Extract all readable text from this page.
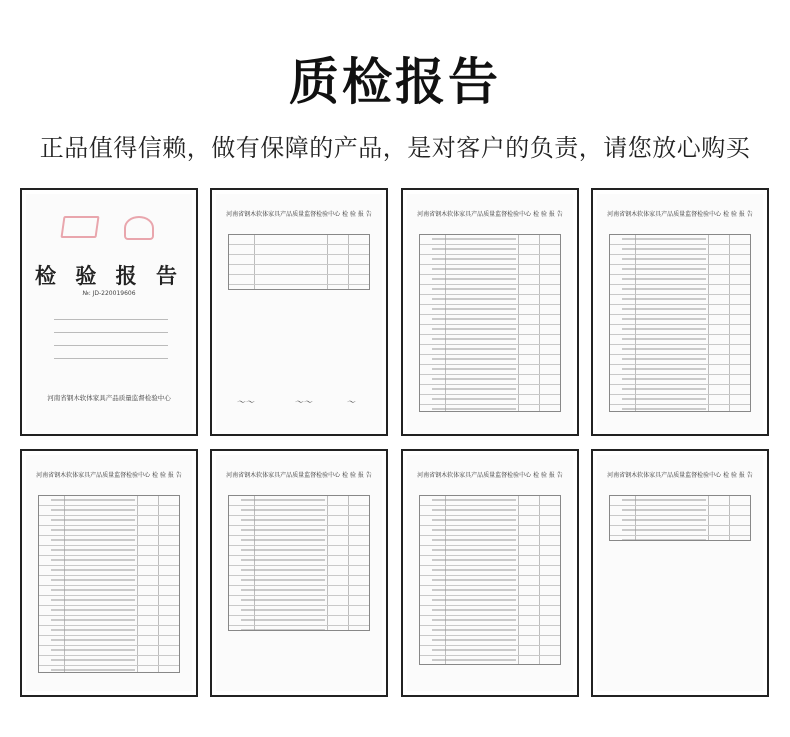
质检报告
正品值得信赖，做有保障的产品，是对客户的负责，请您放心购买
检 验 报 告
№: JD-220019606
河南省钢木软体家具产品质量监督检验中心
河南省钢木软体家具产品质量监督检验中心 检 验 报 告
～～	～～	～
河南省钢木软体家具产品质量监督检验中心 检 验 报 告	河南省钢木软体家具产品质量监督检验中心 检 验 报 告
河南省钢木软体家具产品质量监督检验中心 检 验 报 告	河南省钢木软体家具产品质量监督检验中心 检 验 报 告	河南省钢木软体家具产品质量监督检验中心 检 验 报 告	河南省钢木软体家具产品质量监督检验中心 检 验 报 告
